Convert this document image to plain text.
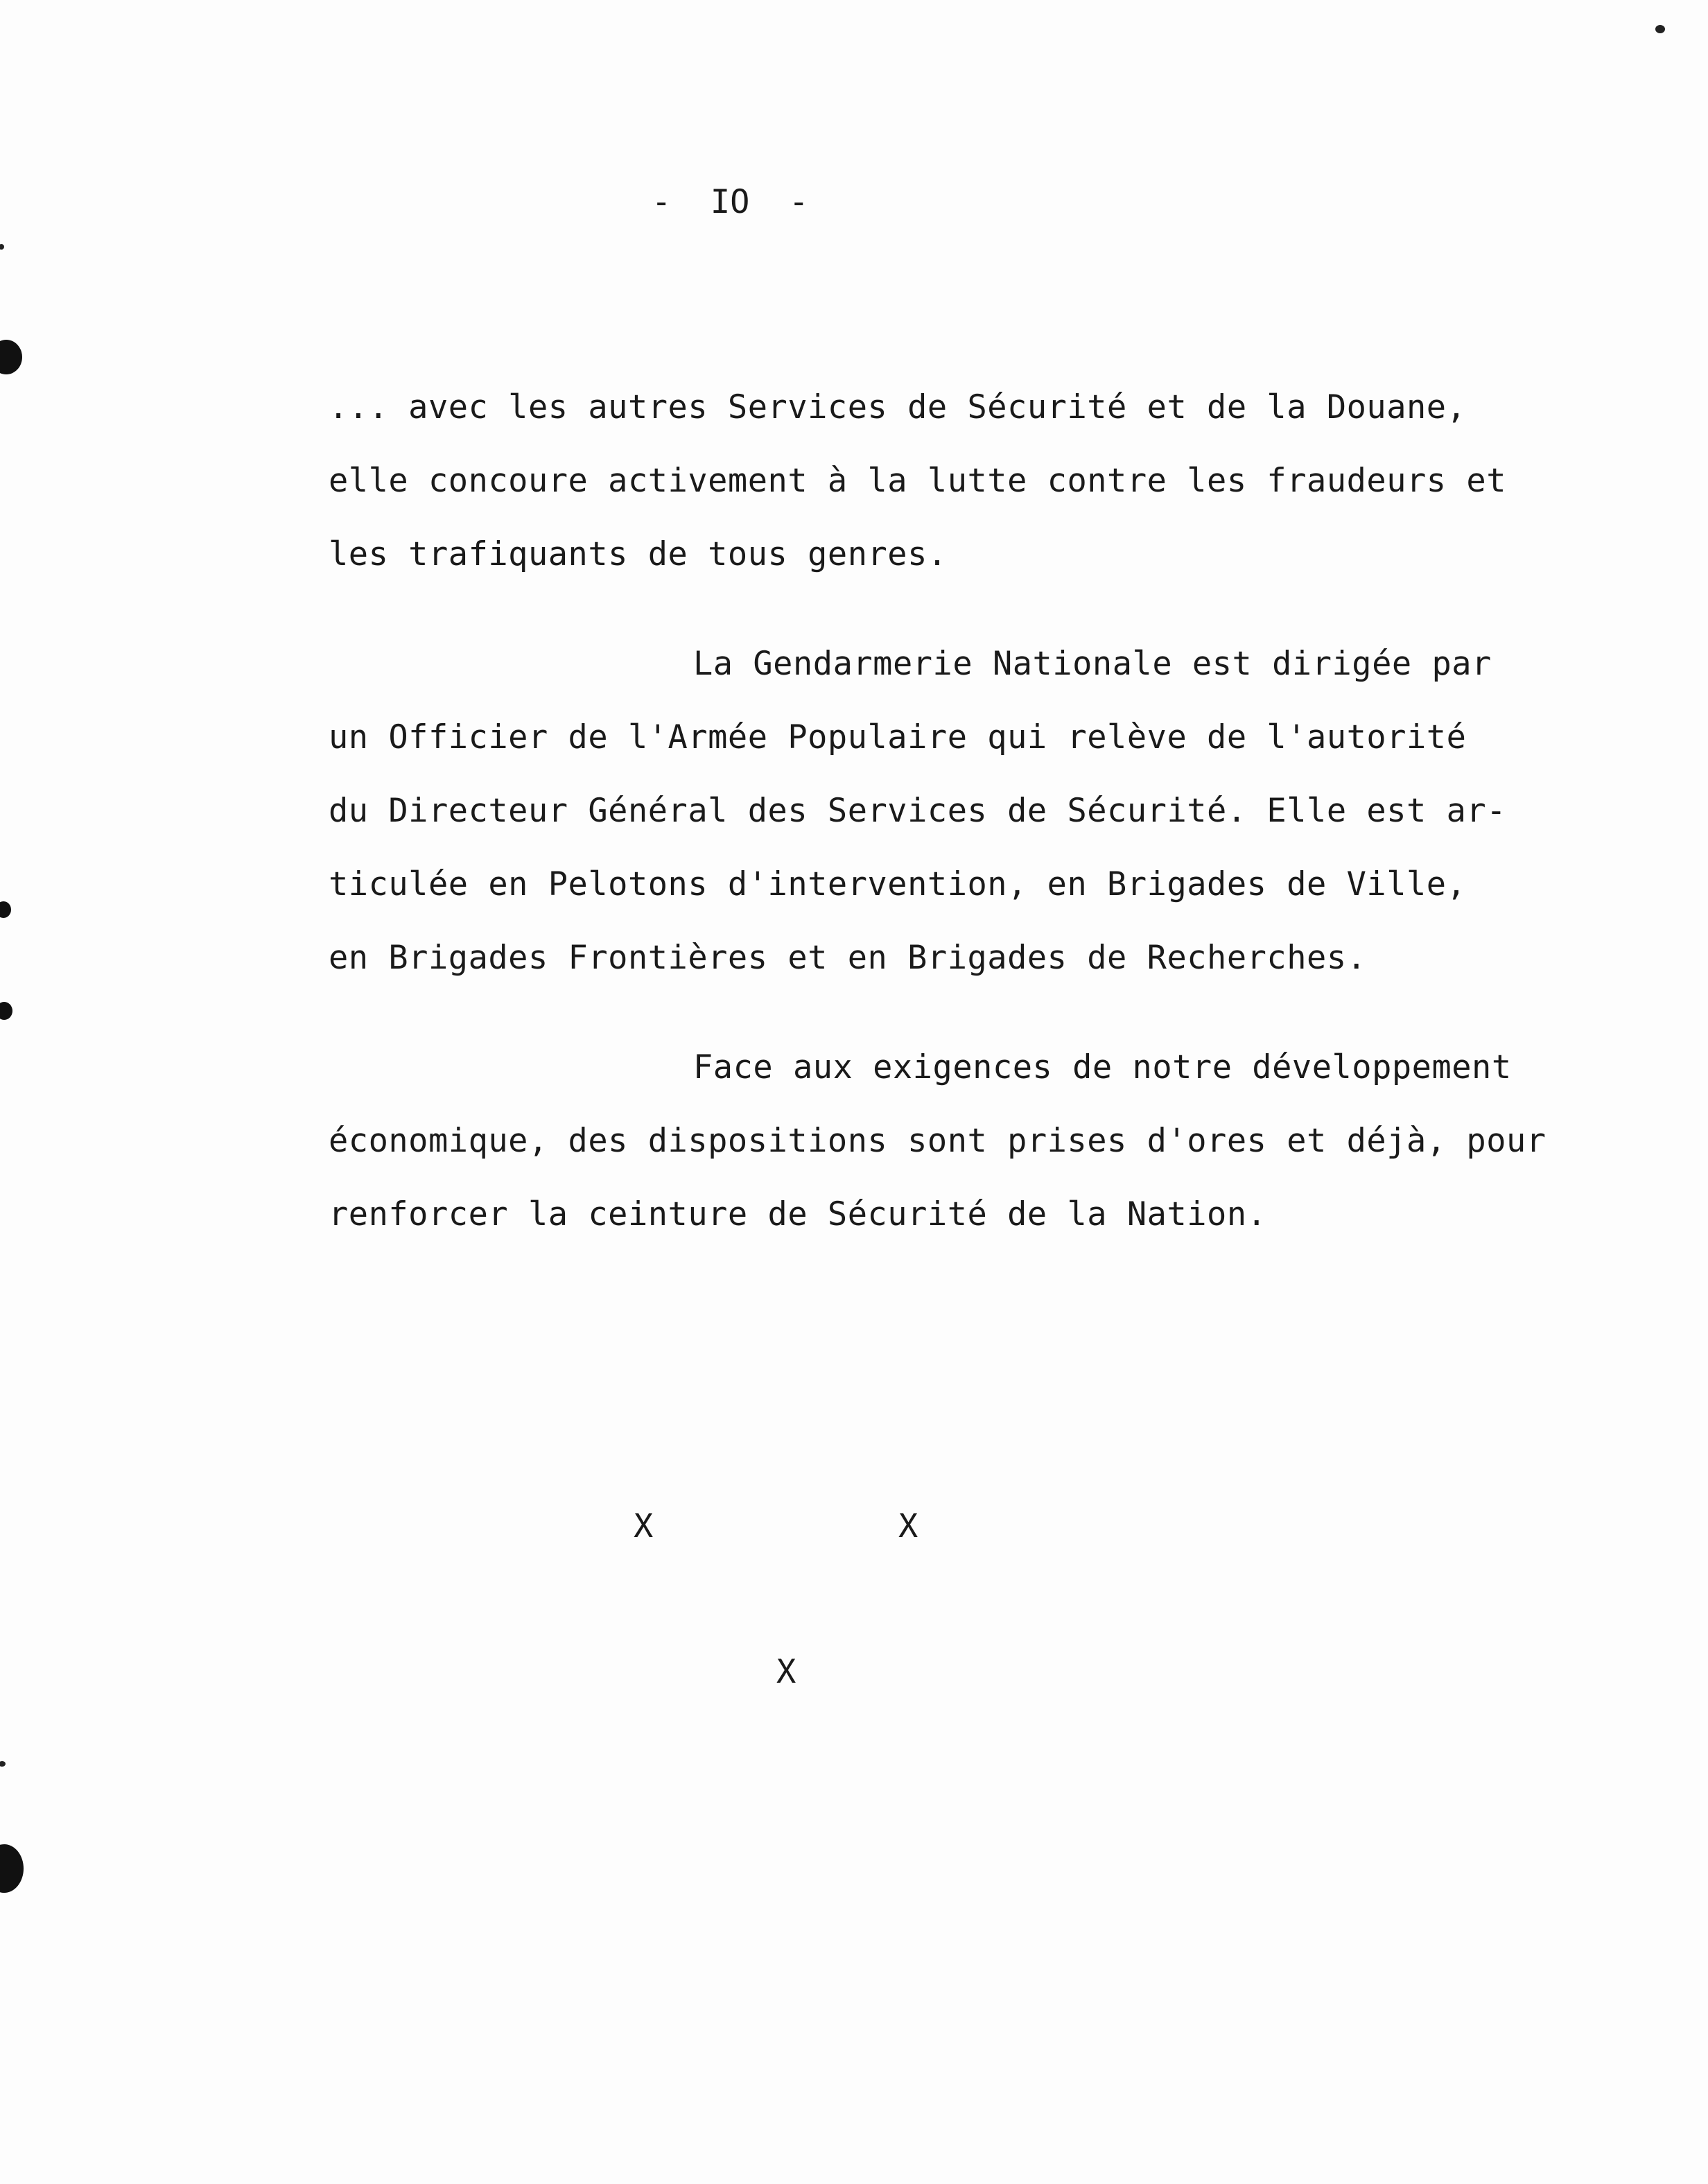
-  IO  -
... avec les autres Services de Sécurité et de la Douane,
elle concoure activement à la lutte contre les fraudeurs et
les trafiquants de tous genres.
La Gendarmerie Nationale est dirigée par
un Officier de l'Armée Populaire qui relève de l'autorité
du Directeur Général des Services de Sécurité. Elle est ar-
ticulée en Pelotons d'intervention, en Brigades de Ville,
en Brigades Frontières et en Brigades de Recherches.
Face aux exigences de notre développement
économique, des dispositions sont prises d'ores et déjà, pour
renforcer la ceinture de Sécurité de la Nation.
X	X
X
